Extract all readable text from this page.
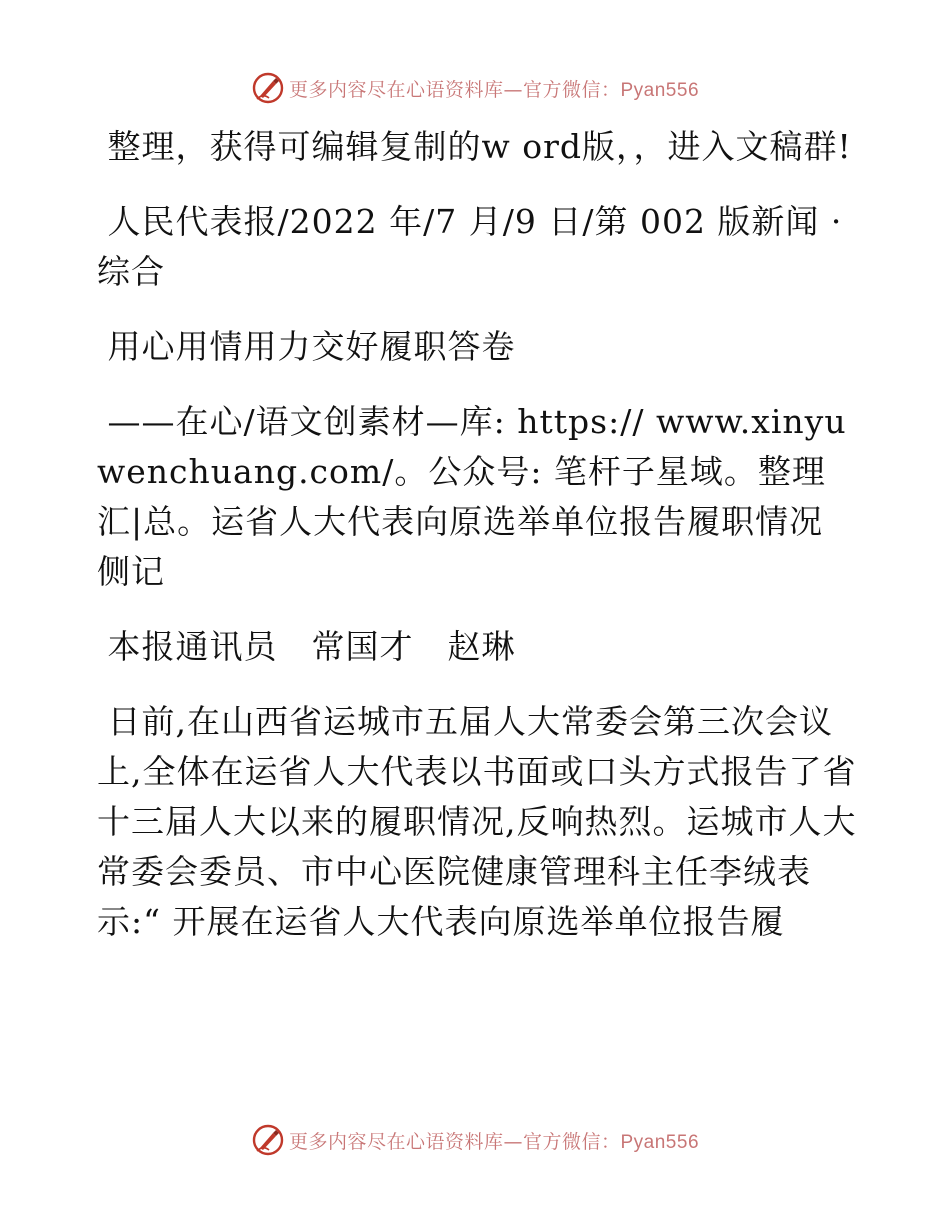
更多内容尽在心语资料库—官方微信：Pyan556

整理，获得可编辑复制的w ord版，，进入文稿群!

人民代表报/2022 年/7 月/9 日/第 002 版新闻 · 综合

用心用情用力交好履职答卷

——在心/语文创素材—库: https:// www.xinyuwenchuang.com/。公众号: 笔杆子星域。整理汇|总。运省人大代表向原选举单位报告履职情况侧记

本报通讯员　常国才　赵琳

日前,在山西省运城市五届人大常委会第三次会议上,全体在运省人大代表以书面或口头方式报告了省十三届人大以来的履职情况,反响热烈。运城市人大常委会委员、市中心医院健康管理科主任李绒表示:“ 开展在运省人大代表向原选举单位报告履

更多内容尽在心语资料库—官方微信：Pyan556
